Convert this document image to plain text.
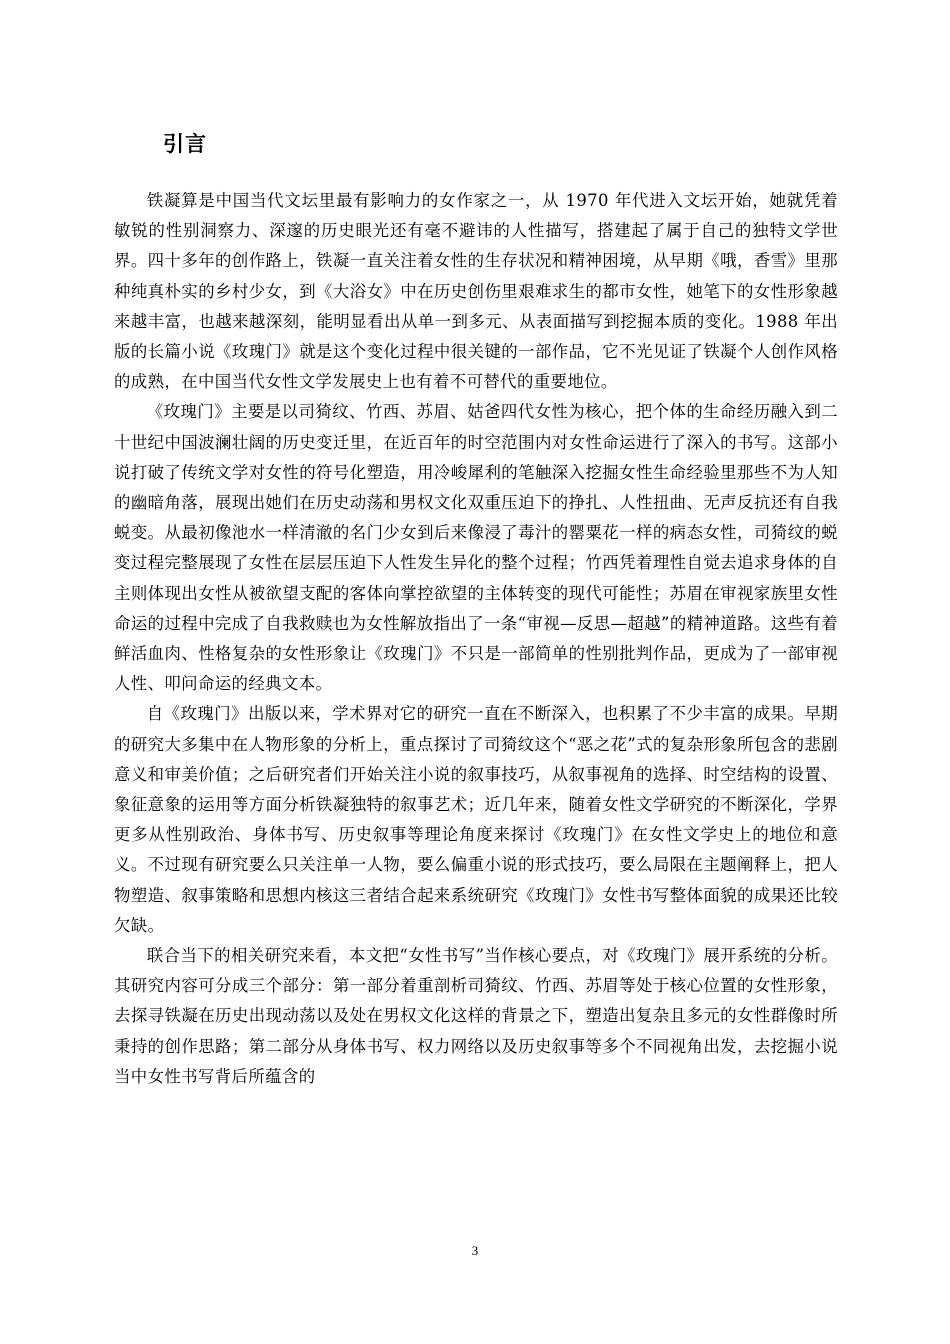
引言

铁凝算是中国当代文坛里最有影响力的女作家之一，从 1970 年代进入文坛开始，她就凭着敏锐的性别洞察力、深邃的历史眼光还有毫不避讳的人性描写，搭建起了属于自己的独特文学世界。四十多年的创作路上，铁凝一直关注着女性的生存状况和精神困境，从早期《哦，香雪》里那种纯真朴实的乡村少女，到《大浴女》中在历史创伤里艰难求生的都市女性，她笔下的女性形象越来越丰富，也越来越深刻，能明显看出从单一到多元、从表面描写到挖掘本质的变化。1988 年出版的长篇小说《玫瑰门》就是这个变化过程中很关键的一部作品，它不光见证了铁凝个人创作风格的成熟，在中国当代女性文学发展史上也有着不可替代的重要地位。

《玫瑰门》主要是以司猗纹、竹西、苏眉、姑爸四代女性为核心，把个体的生命经历融入到二十世纪中国波澜壮阔的历史变迁里，在近百年的时空范围内对女性命运进行了深入的书写。这部小说打破了传统文学对女性的符号化塑造，用冷峻犀利的笔触深入挖掘女性生命经验里那些不为人知的幽暗角落，展现出她们在历史动荡和男权文化双重压迫下的挣扎、人性扭曲、无声反抗还有自我蜕变。从最初像池水一样清澈的名门少女到后来像浸了毒汁的罂粟花一样的病态女性，司猗纹的蜕变过程完整展现了女性在层层压迫下人性发生异化的整个过程；竹西凭着理性自觉去追求身体的自主则体现出女性从被欲望支配的客体向掌控欲望的主体转变的现代可能性；苏眉在审视家族里女性命运的过程中完成了自我救赎也为女性解放指出了一条“审视—反思—超越”的精神道路。这些有着鲜活血肉、性格复杂的女性形象让《玫瑰门》不只是一部简单的性别批判作品，更成为了一部审视人性、叩问命运的经典文本。

自《玫瑰门》出版以来，学术界对它的研究一直在不断深入，也积累了不少丰富的成果。早期的研究大多集中在人物形象的分析上，重点探讨了司猗纹这个“恶之花”式的复杂形象所包含的悲剧意义和审美价值；之后研究者们开始关注小说的叙事技巧，从叙事视角的选择、时空结构的设置、象征意象的运用等方面分析铁凝独特的叙事艺术；近几年来，随着女性文学研究的不断深化，学界更多从性别政治、身体书写、历史叙事等理论角度来探讨《玫瑰门》在女性文学史上的地位和意义。不过现有研究要么只关注单一人物，要么偏重小说的形式技巧，要么局限在主题阐释上，把人物塑造、叙事策略和思想内核这三者结合起来系统研究《玫瑰门》女性书写整体面貌的成果还比较欠缺。

联合当下的相关研究来看，本文把“女性书写”当作核心要点，对《玫瑰门》展开系统的分析。其研究内容可分成三个部分：第一部分着重剖析司猗纹、竹西、苏眉等处于核心位置的女性形象，去探寻铁凝在历史出现动荡以及处在男权文化这样的背景之下，塑造出复杂且多元的女性群像时所秉持的创作思路；第二部分从身体书写、权力网络以及历史叙事等多个不同视角出发，去挖掘小说当中女性书写背后所蕴含的

3
